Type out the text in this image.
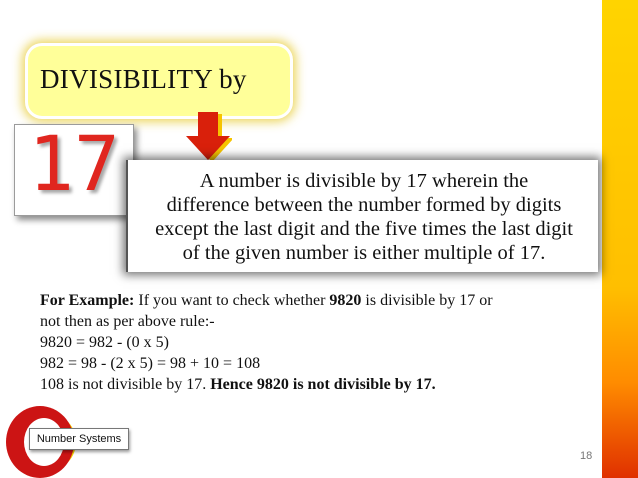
DIVISIBILITY by
17	A number is divisible by 17 wherein the
difference between the number formed by digits
except the last digit and the five times the last digit
of the given number is either multiple of 17.

For Example: If you want to check whether 9820 is divisible by 17 or

not then as per above rule:-

9820 = 982 - (0 x 5)

982 = 98 - (2 x 5) = 98 + 10 = 108

108 is not divisible by 17. Hence 9820 is not divisible by 17.

Number Systems
18
